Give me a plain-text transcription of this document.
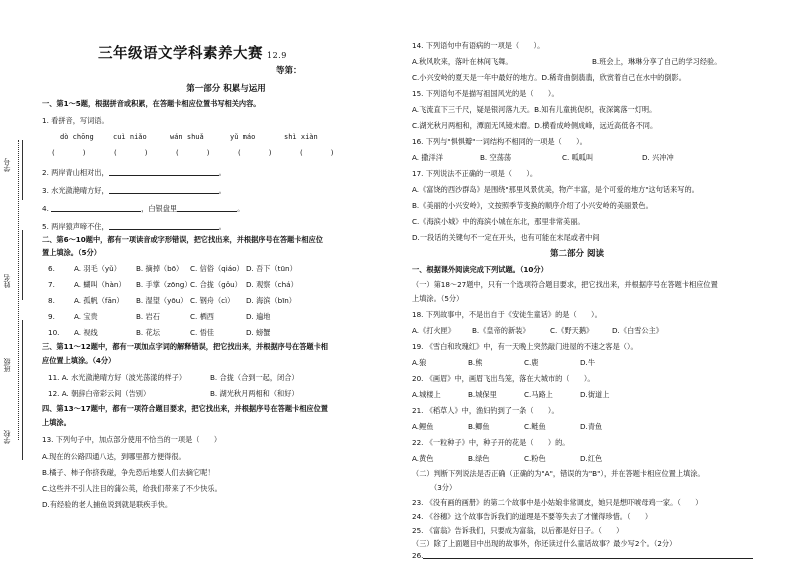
学号
姓名
班级
学校
三年级语文学科素养大赛 12.9
等第：
第一部分 积累与运用
一、第1～5题，根据拼音或积累，在答题卡相应位置书写相关内容。
1. 看拼音，写词语。
dò chōng	cuì niǎo	wán shuǎ	yǔ máo	shì xiàn
(　　　　)	(　　　　)	(　　　　)	(　　　　)	(　　　　)
2. 两岸青山相对出，	。
3. 水光潋滟晴方好，	。
4.	，白银盘里	。
5. 两岸猿声啼不住，	。
二、第6～10题中，都有一项读音或字形错误，把它找出来，并根据序号在答题卡相应位
置上填涂。（5分）
6.	A. 羽毛（yǔ） B. 摘掉（bō） C. 信俗（qiáo） D. 吾下（tūn）
7.	A. 蝴叫（hàn） B. 手掌（zōng）
C. 合拢（gǒu） D. 观察（chá）
8.	A. 孤帆（fān） B. 湿望（yōu） C. 钢舟（cì） D. 海滨（bīn）
9.	A. 宝贵	B. 岩石	C. 栖西	D. 遍地
10. A. 视线	B. 花坛	C. 悟佳	D. 螃蟹
三、第11～12题中，都有一项加点字词的解释错误，把它找出来，并根据序号在答题卡相
应位置上填涂。（4分）
11. A. 水光潋滟晴方好（波光荡漾的样子）	B. 合拢（合到一起，闭合）
12. A. 朝辞白帝彩云间（告别）	B. 湖光秋月两相和（和好）
四、第13～17题中，都有一项符合题目要求，把它找出来，并根据序号在答题卡相应位置
上填涂。
13. 下列句子中，加点部分使用不恰当的一项是（　　）
A.现在的公路四通八达，到哪里都方便得很。
B.橘子、柿子你挤我碰，争先恐后地要人们去摘它呢！
C.这些并不引人注目的蒲公英，给我们带来了不少快乐。
D.有经验的老人捕鱼说到就是联疾手快。
14. 下列语句中有语病的一项是（　　）。
A.秋风吹来，落叶在林间飞舞。	B.班会上，琳琳分享了自己的学习经验。
C.小兴安岭的夏天是一年中最好的地方。D.稀奇曲倒翡翡，欣赏着自己在水中的倒影。
15. 下列语句不是描写祖国风光的是（　　）。
A.飞流直下三千尺，疑是银河落九天。B.知有儿童挑促织，夜深篱落一灯明。
C.湖光秋月两相和，潭面无风镜未磨。D.横看成岭侧成峰，远近高低各不同。
16. 下列与"惧惧瓣"一词结构不相同的一项是（　　）。
A. 撒洋洋	B. 空荡荡	C. 呱呱叫	D. 兴冲冲
17. 下列说法不正确的一项是（　　）。
A.《富饶的西沙群岛》是围绕"那里风景优美，物产丰富，是个可爱的地方"这句话来写的。
B.《美丽的小兴安岭》，文按照季节变换的顺序介绍了小兴安岭的美丽景色。
C.《海滨小城》中的海滨小城在东北，那里非常美丽。
D.一段话的关键句不一定在开头，也有可能在末尾或者中间
第二部分 阅读
一、根据课外阅读完成下列试题。（10分）
（一）第18～27题中，只有一个选项符合题目要求，把它找出来，并根据序号在答题卡相应位置
上填涂。（5分）
18. 下列故事中，不是出自于《安徒生童话》的是（　　）。
A.《打火匣》 B.《皇帝的新装》	C.《野天鹅》	D.《白雪公主》
19. 《雪白和玫瑰红》中，有一天晚上突然敲门进屋的不速之客是（）。
A.狼	B.熊	C.鹿	D.牛
20. 《画眉》中，画眉飞出鸟笼，落在大城市的（　　）。
A.城楼上	B.城保里	C.马路上	D.街道上
21. 《稻草人》中，渔妇钓到了一条（　　）。
A.鲤鱼	B.鲫鱼	C.鲢鱼	D.青鱼
22. 《一粒种子》中，种子开的花是（　　）的。
A.黄色	B.绿色	C.粉色	D.红色
（二）判断下列说法是否正确（正确的为"A"，错误的为"B"），并在答题卡相应位置上填涂。
（3分）
23. 《没有画的画册》的第二个故事中是小姑娘非常调皮，她只是想吓唬母鸡一家。（　　）
24. 《谷穗》这个故事告诉我们的道理是不要等失去了才懂得珍惜。（　　）
25. 《富翁》告诉我们，只要成为富翁，以后都是好日子。（　　）
（三）除了上面题目中出现的故事外，你还读过什么童话故事？最少写2个。（2分）
26.
